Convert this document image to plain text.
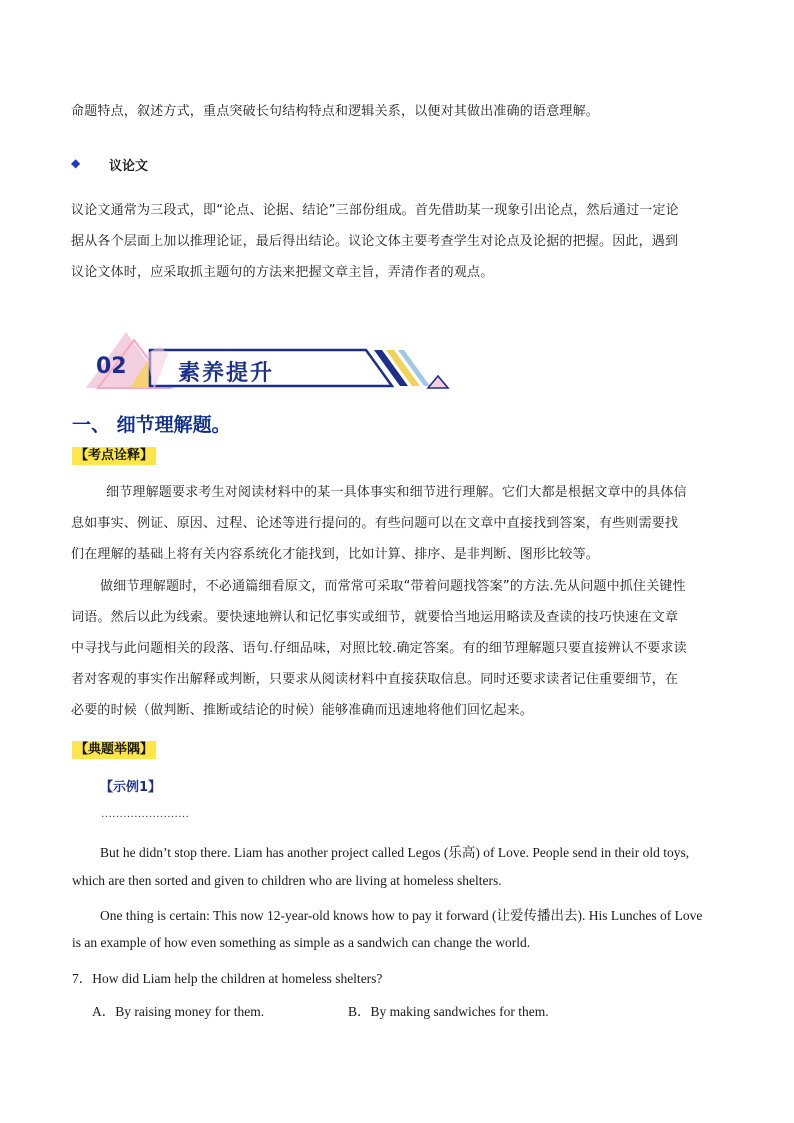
命题特点，叙述方式，重点突破长句结构特点和逻辑关系，以便对其做出准确的语意理解。
◆ 议论文
议论文通常为三段式，即“论点、论据、结论”三部份组成。首先借助某一现象引出论点，然后通过一定论
据从各个层面上加以推理论证，最后得出结论。议论文体主要考查学生对论点及论据的把握。因此，遇到
议论文体时，应采取抓主题句的方法来把握文章主旨，弄清作者的观点。
02 素养提升
一、 细节理解题。
【考点诠释】
细节理解题要求考生对阅读材料中的某一具体事实和细节进行理解。它们大都是根据文章中的具体信
息如事实、例证、原因、过程、论述等进行提问的。有些问题可以在文章中直接找到答案，有些则需要找
们在理解的基础上将有关内容系统化才能找到，比如计算、排序、是非判断、图形比较等。
做细节理解题时，不必通篇细看原文，而常常可采取“带着问题找答案”的方法.先从问题中抓住关键性
词语。然后以此为线索。要快速地辨认和记忆事实或细节，就要恰当地运用略读及查读的技巧快速在文章
中寻找与此问题相关的段落、语句.仔细品味，对照比较.确定答案。有的细节理解题只要直接辨认不要求读
者对客观的事实作出解释或判断，只要求从阅读材料中直接获取信息。同时还要求读者记住重要细节，在
必要的时候（做判断、推断或结论的时候）能够准确而迅速地将他们回忆起来。
【典题举隅】
【示例1】
……………………
But he didn’t stop there. Liam has another project called Legos (乐高) of Love. People send in their old toys,
which are then sorted and given to children who are living at homeless shelters.
One thing is certain: This now 12-year-old knows how to pay it forward (让爱传播出去). His Lunches of Love
is an example of how even something as simple as a sandwich can change the world.
7．How did Liam help the children at homeless shelters?
A．By raising money for them.	B．By making sandwiches for them.
